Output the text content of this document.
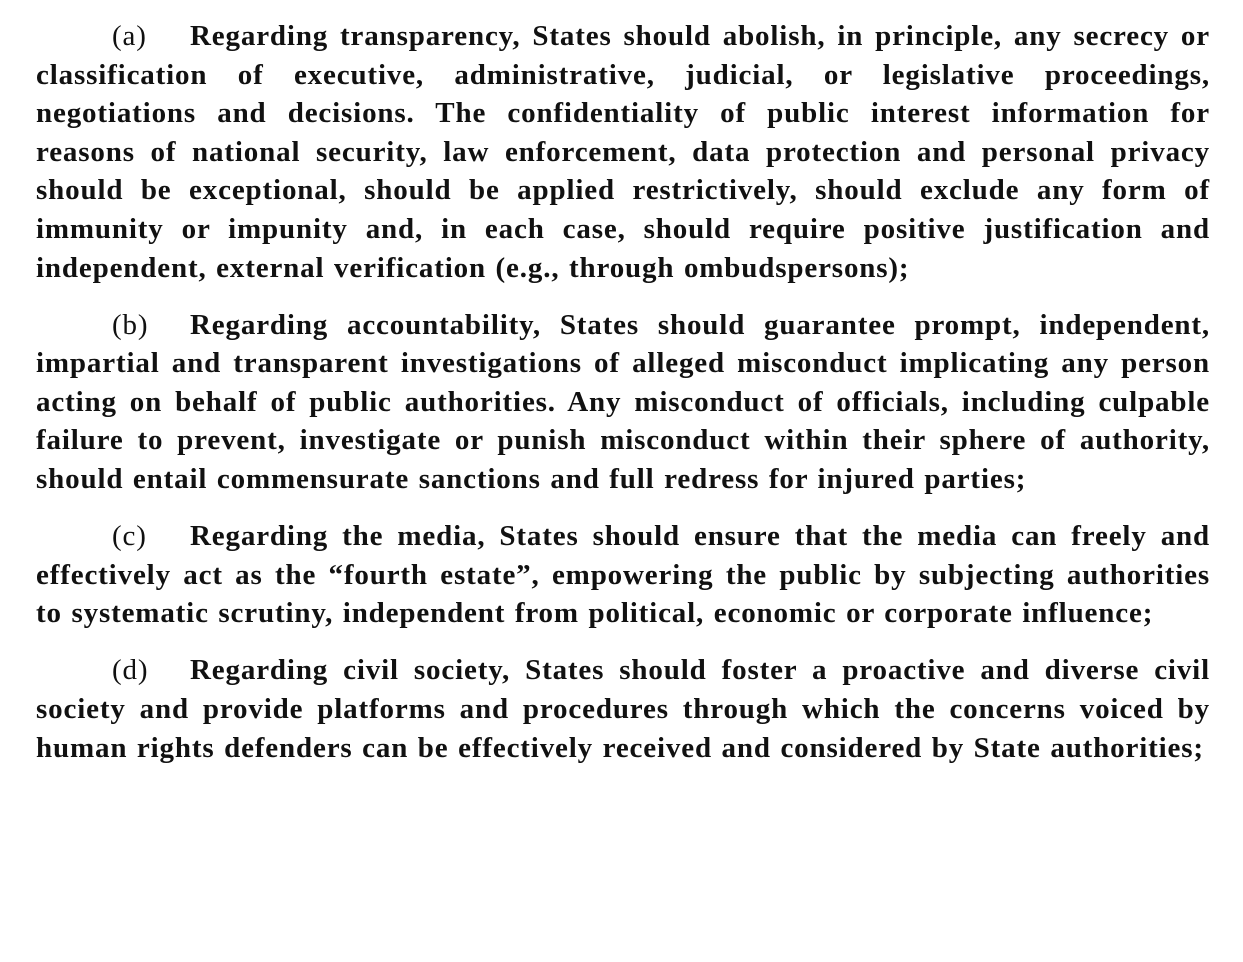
(a) Regarding transparency, States should abolish, in principle, any secrecy or classification of executive, administrative, judicial, or legislative proceedings, negotiations and decisions. The confidentiality of public interest information for reasons of national security, law enforcement, data protection and personal privacy should be exceptional, should be applied restrictively, should exclude any form of immunity or impunity and, in each case, should require positive justification and independent, external verification (e.g., through ombudspersons);

(b) Regarding accountability, States should guarantee prompt, independent, impartial and transparent investigations of alleged misconduct implicating any person acting on behalf of public authorities. Any misconduct of officials, including culpable failure to prevent, investigate or punish misconduct within their sphere of authority, should entail commensurate sanctions and full redress for injured parties;

(c) Regarding the media, States should ensure that the media can freely and effectively act as the “fourth estate”, empowering the public by subjecting authorities to systematic scrutiny, independent from political, economic or corporate influence;

(d) Regarding civil society, States should foster a proactive and diverse civil society and provide platforms and procedures through which the concerns voiced by human rights defenders can be effectively received and considered by State authorities;
